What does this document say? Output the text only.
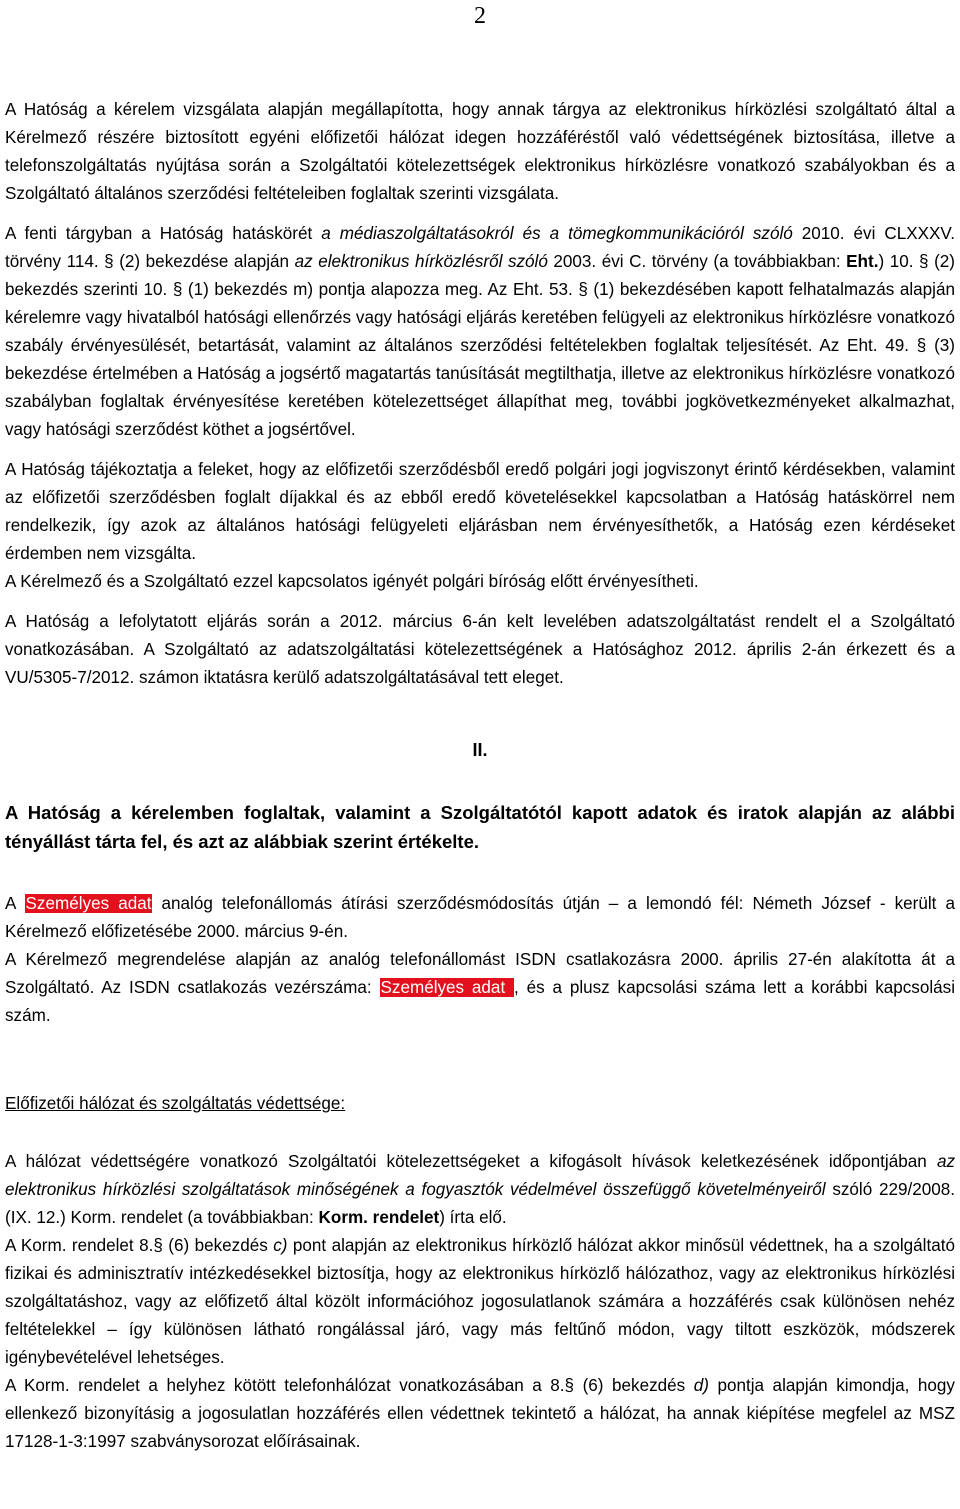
2

A Hatóság a kérelem vizsgálata alapján megállapította, hogy annak tárgya az elektronikus hírközlési szolgáltató által a Kérelmező részére biztosított egyéni előfizetői hálózat idegen hozzáféréstől való védettségének biztosítása, illetve a telefonszolgáltatás nyújtása során a Szolgáltatói kötelezettségek elektronikus hírközlésre vonatkozó szabályokban és a Szolgáltató általános szerződési feltételeiben foglaltak szerinti vizsgálata.

A fenti tárgyban a Hatóság hatáskörét a médiaszolgáltatásokról és a tömegkommunikációról szóló 2010. évi CLXXXV. törvény 114. § (2) bekezdése alapján az elektronikus hírközlésről szóló 2003. évi C. törvény (a továbbiakban: Eht.) 10. § (2) bekezdés szerinti 10. § (1) bekezdés m) pontja alapozza meg. Az Eht. 53. § (1) bekezdésében kapott felhatalmazás alapján kérelemre vagy hivatalból hatósági ellenőrzés vagy hatósági eljárás keretében felügyeli az elektronikus hírközlésre vonatkozó szabály érvényesülését, betartását, valamint az általános szerződési feltételekben foglaltak teljesítését. Az Eht. 49. § (3) bekezdése értelmében a Hatóság a jogsértő magatartás tanúsítását megtilthatja, illetve az elektronikus hírközlésre vonatkozó szabályban foglaltak érvényesítése keretében kötelezettséget állapíthat meg, további jogkövetkezményeket alkalmazhat, vagy hatósági szerződést köthet a jogsértővel.

A Hatóság tájékoztatja a feleket, hogy az előfizetői szerződésből eredő polgári jogi jogviszonyt érintő kérdésekben, valamint az előfizetői szerződésben foglalt díjakkal és az ebből eredő követelésekkel kapcsolatban a Hatóság hatáskörrel nem rendelkezik, így azok az általános hatósági felügyeleti eljárásban nem érvényesíthetők, a Hatóság ezen kérdéseket érdemben nem vizsgálta.

A Kérelmező és a Szolgáltató ezzel kapcsolatos igényét polgári bíróság előtt érvényesítheti.

A Hatóság a lefolytatott eljárás során a 2012. március 6-án kelt levelében adatszolgáltatást rendelt el a Szolgáltató vonatkozásában. A Szolgáltató az adatszolgáltatási kötelezettségének a Hatósághoz 2012. április 2-án érkezett és a VU/5305-7/2012. számon iktatásra kerülő adatszolgáltatásával tett eleget.

II.

A Hatóság a kérelemben foglaltak, valamint a Szolgáltatótól kapott adatok és iratok alapján az alábbi tényállást tárta fel, és azt az alábbiak szerint értékelte.

A Személyes adat analóg telefonállomás átírási szerződésmódosítás útján – a lemondó fél: Németh József - került a Kérelmező előfizetésébe 2000. március 9-én.

A Kérelmező megrendelése alapján az analóg telefonállomást ISDN csatlakozásra 2000. április 27-én alakította át a Szolgáltató. Az ISDN csatlakozás vezérszáma: Személyes adat , és a plusz kapcsolási száma lett a korábbi kapcsolási szám.

Előfizetői hálózat és szolgáltatás védettsége:

A hálózat védettségére vonatkozó Szolgáltatói kötelezettségeket a kifogásolt hívások keletkezésének időpontjában az elektronikus hírközlési szolgáltatások minőségének a fogyasztók védelmével összefüggő követelményeiről szóló 229/2008. (IX. 12.) Korm. rendelet (a továbbiakban: Korm. rendelet) írta elő.

A Korm. rendelet 8.§ (6) bekezdés c) pont alapján az elektronikus hírközlő hálózat akkor minősül védettnek, ha a szolgáltató fizikai és adminisztratív intézkedésekkel biztosítja, hogy az elektronikus hírközlő hálózathoz, vagy az elektronikus hírközlési szolgáltatáshoz, vagy az előfizető által közölt információhoz jogosulatlanok számára a hozzáférés csak különösen nehéz feltételekkel – így különösen látható rongálással járó, vagy más feltűnő módon, vagy tiltott eszközök, módszerek igénybevételével lehetséges.

A Korm. rendelet a helyhez kötött telefonhálózat vonatkozásában a 8.§ (6) bekezdés d) pontja alapján kimondja, hogy ellenkező bizonyításig a jogosulatlan hozzáférés ellen védettnek tekintető a hálózat, ha annak kiépítése megfelel az MSZ 17128-1-3:1997 szabványsorozat előírásainak.
